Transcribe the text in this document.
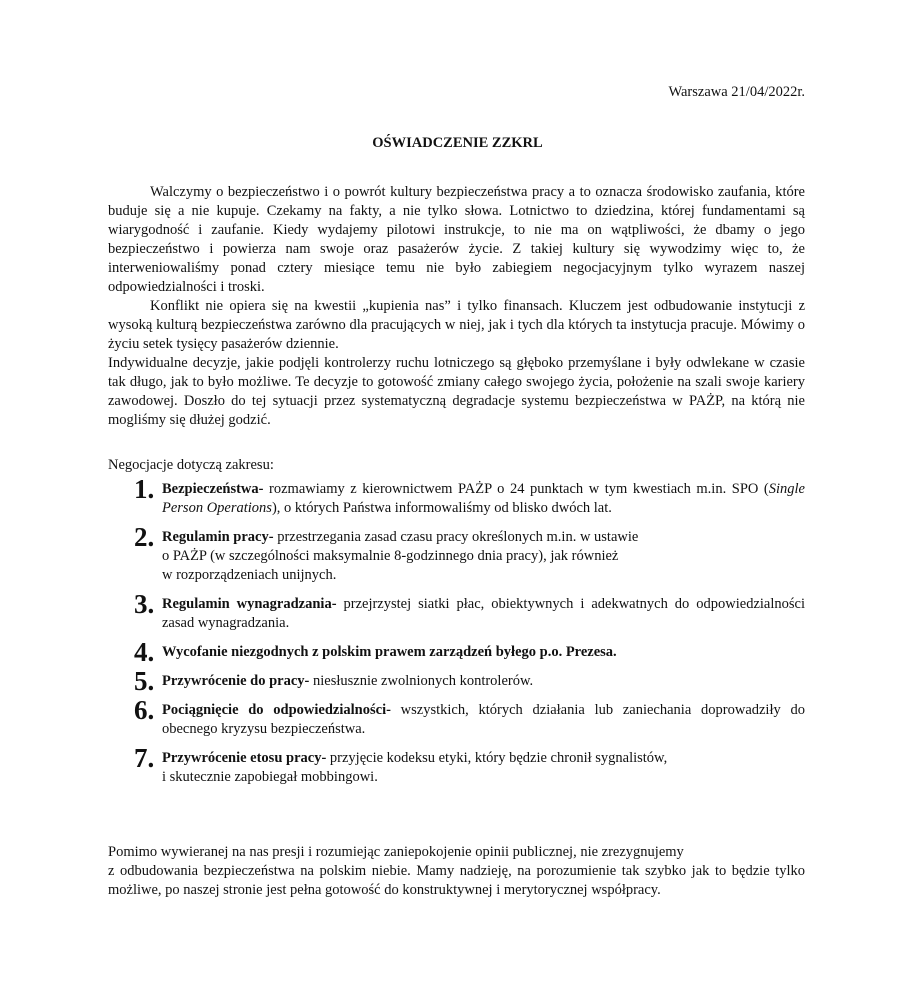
Warszawa 21/04/2022r.
OŚWIADCZENIE ZZKRL

Walczymy o bezpieczeństwo i o powrót kultury bezpieczeństwa pracy a to oznacza środowisko zaufania, które buduje się a nie kupuje. Czekamy na fakty, a nie tylko słowa. Lotnictwo to dziedzina, której fundamentami są wiarygodność i zaufanie. Kiedy wydajemy pilotowi instrukcje, to nie ma on wątpliwości, że dbamy o jego bezpieczeństwo i powierza nam swoje oraz pasażerów życie. Z takiej kultury się wywodzimy więc to, że interweniowaliśmy ponad cztery miesiące temu nie było zabiegiem negocjacyjnym tylko wyrazem naszej odpowiedzialności i troski.

Konflikt nie opiera się na kwestii „kupienia nas” i tylko finansach. Kluczem jest odbudowanie instytucji z wysoką kulturą bezpieczeństwa zarówno dla pracujących w niej, jak i tych dla których ta instytucja pracuje. Mówimy o życiu setek tysięcy pasażerów dziennie.

Indywidualne decyzje, jakie podjęli kontrolerzy ruchu lotniczego są głęboko przemyślane i były odwlekane w czasie tak długo, jak to było możliwe. Te decyzje to gotowość zmiany całego swojego życia, położenie na szali swoje kariery zawodowej. Doszło do tej sytuacji przez systematyczną degradacje systemu bezpieczeństwa w PAŻP, na którą nie mogliśmy się dłużej godzić.

Negocjacje dotyczą zakresu:
1. Bezpieczeństwa- rozmawiamy z kierownictwem PAŻP o 24 punktach w tym kwestiach m.in. SPO (Single Person Operations), o których Państwa informowaliśmy od blisko dwóch lat.
2. Regulamin pracy- przestrzegania zasad czasu pracy określonych m.in. w ustawie
o PAŻP (w szczególności maksymalnie 8-godzinnego dnia pracy), jak również
w rozporządzeniach unijnych.
3. Regulamin wynagradzania- przejrzystej siatki płac, obiektywnych i adekwatnych do odpowiedzialności zasad wynagradzania.
4. Wycofanie niezgodnych z polskim prawem zarządzeń byłego p.o. Prezesa.
5. Przywrócenie do pracy- niesłusznie zwolnionych kontrolerów.
6. Pociągnięcie do odpowiedzialności- wszystkich, których działania lub zaniechania doprowadziły do obecnego kryzysu bezpieczeństwa.
7. Przywrócenie etosu pracy- przyjęcie kodeksu etyki, który będzie chronił sygnalistów,
i skutecznie zapobiegał mobbingowi.

Pomimo wywieranej na nas presji i rozumiejąc zaniepokojenie opinii publicznej, nie zrezygnujemy

z odbudowania bezpieczeństwa na polskim niebie. Mamy nadzieję, na porozumienie tak szybko jak to będzie tylko możliwe, po naszej stronie jest pełna gotowość do konstruktywnej i merytorycznej współpracy.
